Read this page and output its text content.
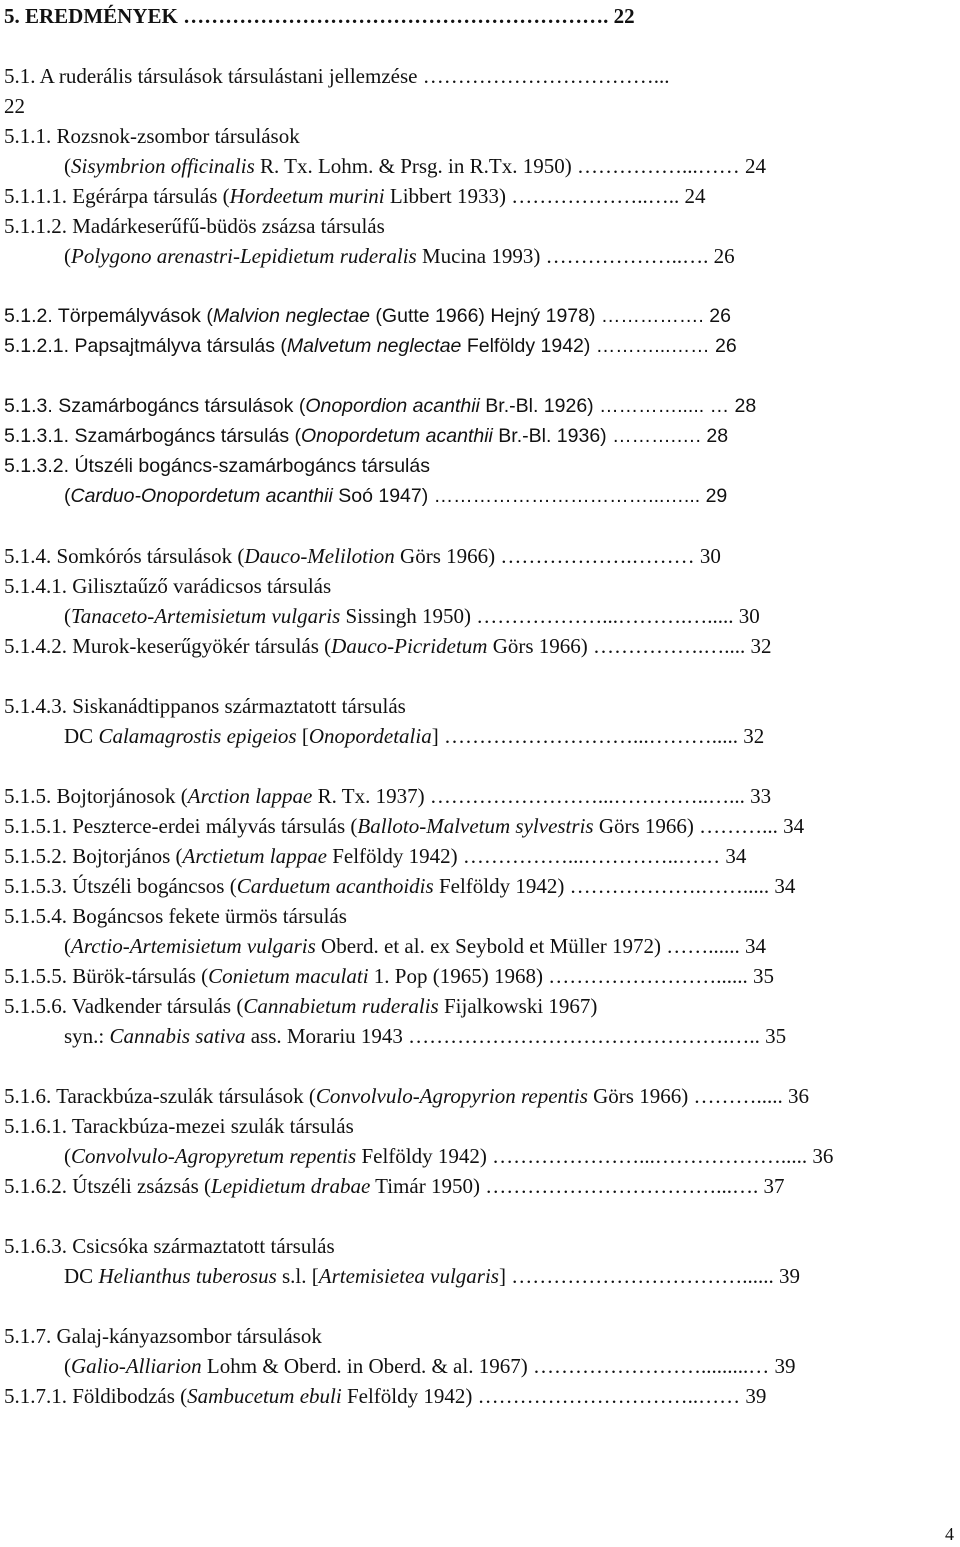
5. EREDMÉNYEK ……………………………………………………. 22
5.1. A ruderális társulások társulástani jellemzése ……………………………...
22
5.1.1. Rozsnok-zsombor társulások
(Sisymbrion officinalis R. Tx. Lohm. & Prsg. in R.Tx. 1950) ……………...…… 24
5.1.1.1. Egérárpa társulás (Hordeetum murini Libbert 1933) ………………..….. 24
5.1.1.2. Madárkeserűfű-büdös zsázsa társulás
(Polygono arenastri-Lepidietum ruderalis Mucina 1993) ………………..…. 26
5.1.2. Törpemályvások (Malvion neglectae (Gutte 1966) Hejný 1978) ……………. 26
5.1.2.1. Papsajtmályva társulás (Malvetum neglectae Felföldy 1942) ………...…… 26
5.1.3. Szamárbogáncs társulások (Onopordion acanthii Br.-Bl. 1926) …………..... … 28
5.1.3.1. Szamárbogáncs társulás (Onopordetum acanthii Br.-Bl. 1936) ……….…. 28
5.1.3.2. Útszéli bogáncs-szamárbogáncs társulás
(Carduo-Onopordetum acanthii Soó 1947) ……………………………...…... 29
5.1.4. Somkórós társulások (Dauco-Melilotion Görs 1966) ……………….……… 30
5.1.4.1. Gilisztaűző varádicsos társulás
(Tanaceto-Artemisietum vulgaris Sissingh 1950) ………………...……….…..... 30
5.1.4.2. Murok-keserűgyökér társulás (Dauco-Picridetum Görs 1966) …………….….... 32
5.1.4.3. Siskanádtippanos származtatott társulás
DC Calamagrostis epigeios [Onopordetalia] ………………………...………..... 32
5.1.5. Bojtorjánosok (Arction lappae R. Tx. 1937) ……………………...…………..…... 33
5.1.5.1. Peszterce-erdei mályvás társulás (Balloto-Malvetum sylvestris Görs 1966) ………... 34
5.1.5.2. Bojtorjános (Arctietum lappae Felföldy 1942) ……………...…………..…… 34
5.1.5.3. Útszéli bogáncsos (Carduetum acanthoidis Felföldy 1942) ……………….……..... 34
5.1.5.4. Bogáncsos fekete ürmös társulás
(Arctio-Artemisietum vulgaris Oberd. et al. ex Seybold et Müller 1972) ……...... 34
5.1.5.5. Bürök-társulás (Conietum maculati 1. Pop (1965) 1968) ……………………...... 35
5.1.5.6. Vadkender társulás (Cannabietum ruderalis Fijalkowski 1967)
syn.: Cannabis sativa ass. Morariu 1943 ……………………………………….….. 35
5.1.6. Tarackbúza-szulák társulások (Convolvulo-Agropyrion repentis Görs 1966) ………..... 36
5.1.6.1. Tarackbúza-mezei szulák társulás
(Convolvulo-Agropyretum repentis Felföldy 1942) …………………...………………..... 36
5.1.6.2. Útszéli zsázsás (Lepidietum drabae Timár 1950) ……………………………...…. 37
5.1.6.3. Csicsóka származtatott társulás
DC Helianthus tuberosus s.l. [Artemisietea vulgaris] ……………………………...... 39
5.1.7. Galaj-kányazsombor társulások
(Galio-Alliarion Lohm & Oberd. in Oberd. & al. 1967) …………………….........… 39
5.1.7.1. Földibodzás (Sambucetum ebuli Felföldy 1942) …………………………..…… 39
4
